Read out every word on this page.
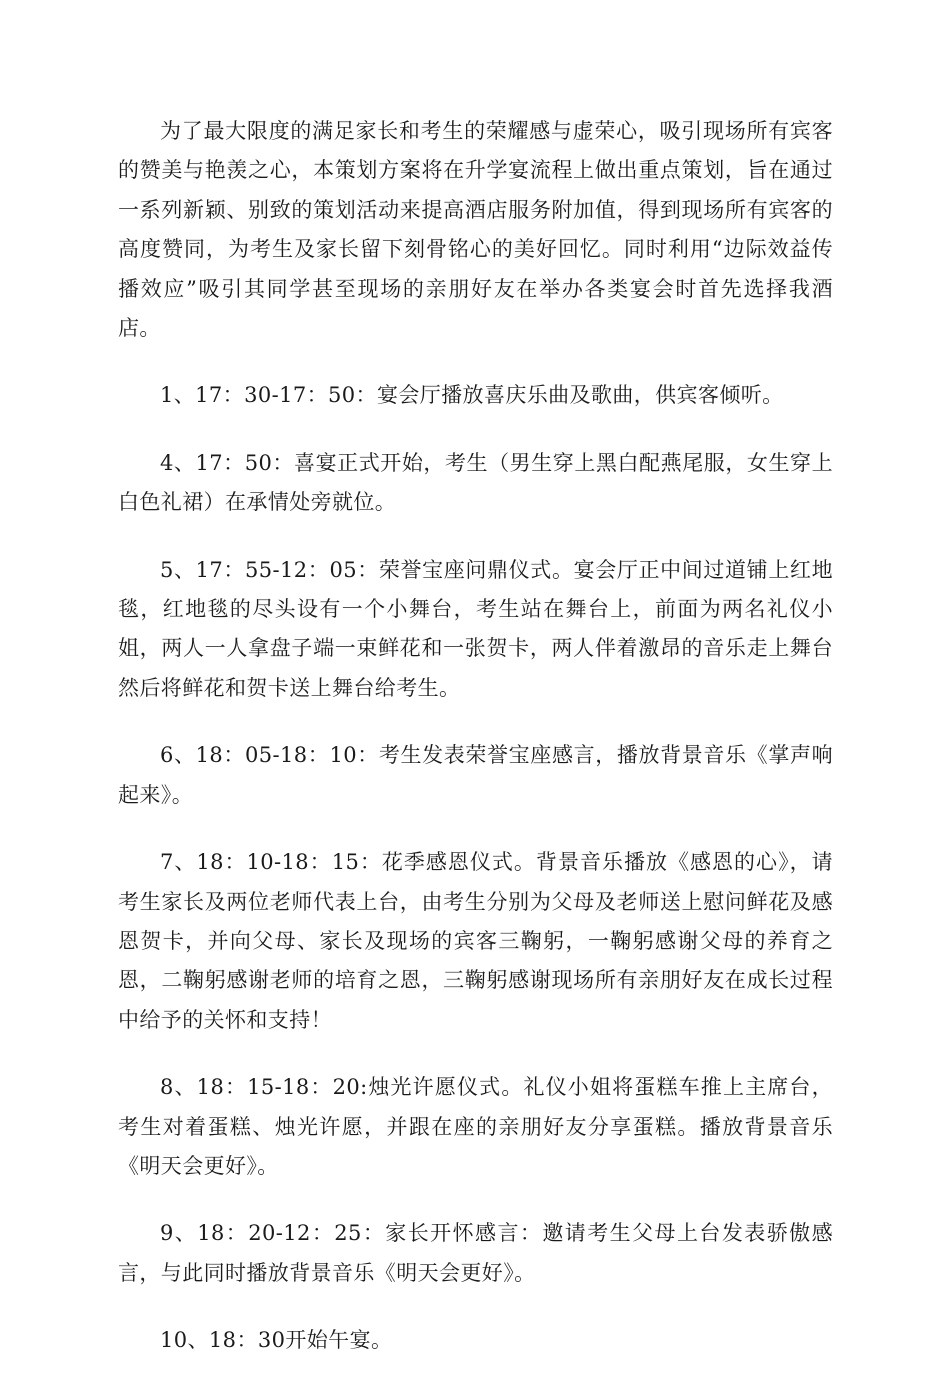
为了最大限度的满足家长和考生的荣耀感与虚荣心，吸引现场所有宾客的赞美与艳羡之心，本策划方案将在升学宴流程上做出重点策划，旨在通过一系列新颖、别致的策划活动来提高酒店服务附加值，得到现场所有宾客的高度赞同，为考生及家长留下刻骨铭心的美好回忆。同时利用“边际效益传播效应”吸引其同学甚至现场的亲朋好友在举办各类宴会时首先选择我酒店。

1、17：30-17：50：宴会厅播放喜庆乐曲及歌曲，供宾客倾听。

4、17：50：喜宴正式开始，考生（男生穿上黑白配燕尾服，女生穿上白色礼裙）在承情处旁就位。

5、17：55-12：05：荣誉宝座问鼎仪式。宴会厅正中间过道铺上红地毯，红地毯的尽头设有一个小舞台，考生站在舞台上，前面为两名礼仪小姐，两人一人拿盘子端一束鲜花和一张贺卡，两人伴着激昂的音乐走上舞台然后将鲜花和贺卡送上舞台给考生。

6、18：05-18：10：考生发表荣誉宝座感言，播放背景音乐《掌声响起来》。

7、18：10-18：15：花季感恩仪式。背景音乐播放《感恩的心》，请考生家长及两位老师代表上台，由考生分别为父母及老师送上慰问鲜花及感恩贺卡，并向父母、家长及现场的宾客三鞠躬，一鞠躬感谢父母的养育之恩，二鞠躬感谢老师的培育之恩，三鞠躬感谢现场所有亲朋好友在成长过程中给予的关怀和支持！

8、18：15-18：20:烛光许愿仪式。礼仪小姐将蛋糕车推上主席台，考生对着蛋糕、烛光许愿，并跟在座的亲朋好友分享蛋糕。播放背景音乐《明天会更好》。

9、18：20-12：25：家长开怀感言：邀请考生父母上台发表骄傲感言，与此同时播放背景音乐《明天会更好》。

10、18：30开始午宴。
